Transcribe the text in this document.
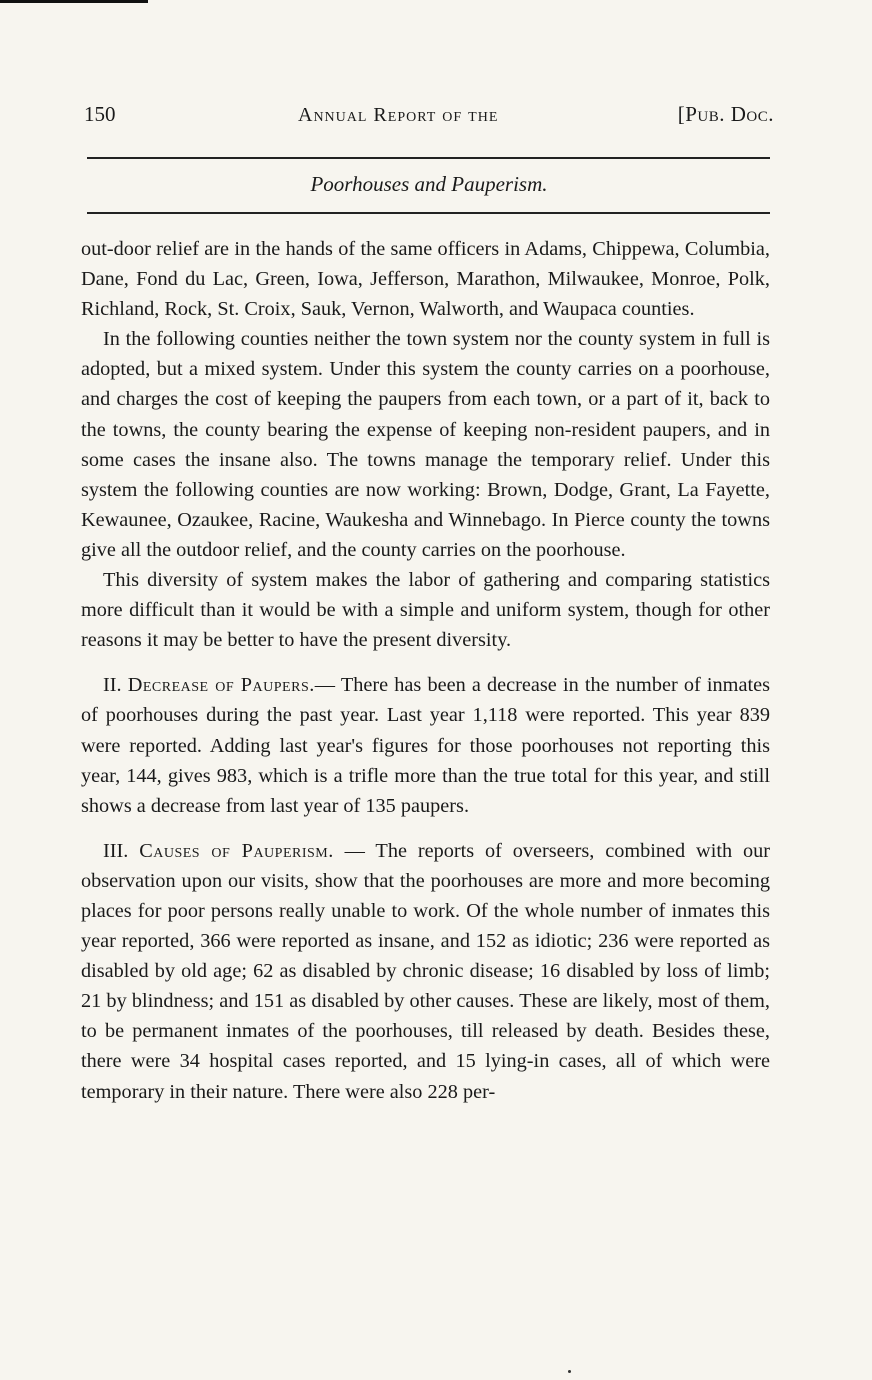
150	Annual Report of the	[Pub. Doc.
Poorhouses and Pauperism.

out-door relief are in the hands of the same officers in Adams, Chippewa, Columbia, Dane, Fond du Lac, Green, Iowa, Jefferson, Marathon, Milwaukee, Monroe, Polk, Richland, Rock, St. Croix, Sauk, Vernon, Walworth, and Waupaca counties.

In the following counties neither the town system nor the county system in full is adopted, but a mixed system. Under this system the county carries on a poorhouse, and charges the cost of keeping the paupers from each town, or a part of it, back to the towns, the county bearing the expense of keeping non-resident paupers, and in some cases the insane also. The towns manage the temporary relief. Under this system the following counties are now working: Brown, Dodge, Grant, La Fayette, Kewaunee, Ozaukee, Racine, Waukesha and Winnebago. In Pierce county the towns give all the outdoor relief, and the county carries on the poorhouse.

This diversity of system makes the labor of gathering and comparing statistics more difficult than it would be with a simple and uniform system, though for other reasons it may be better to have the present diversity.

II. Decrease of Paupers.— There has been a decrease in the number of inmates of poorhouses during the past year. Last year 1,118 were reported. This year 839 were reported. Adding last year's figures for those poorhouses not reporting this year, 144, gives 983, which is a trifle more than the true total for this year, and still shows a decrease from last year of 135 paupers.

III. Causes of Pauperism. — The reports of overseers, combined with our observation upon our visits, show that the poorhouses are more and more becoming places for poor persons really unable to work. Of the whole number of inmates this year reported, 366 were reported as insane, and 152 as idiotic; 236 were reported as disabled by old age; 62 as disabled by chronic disease; 16 disabled by loss of limb; 21 by blindness; and 151 as disabled by other causes. These are likely, most of them, to be permanent inmates of the poorhouses, till released by death. Besides these, there were 34 hospital cases reported, and 15 lying-in cases, all of which were temporary in their nature. There were also 228 per-
